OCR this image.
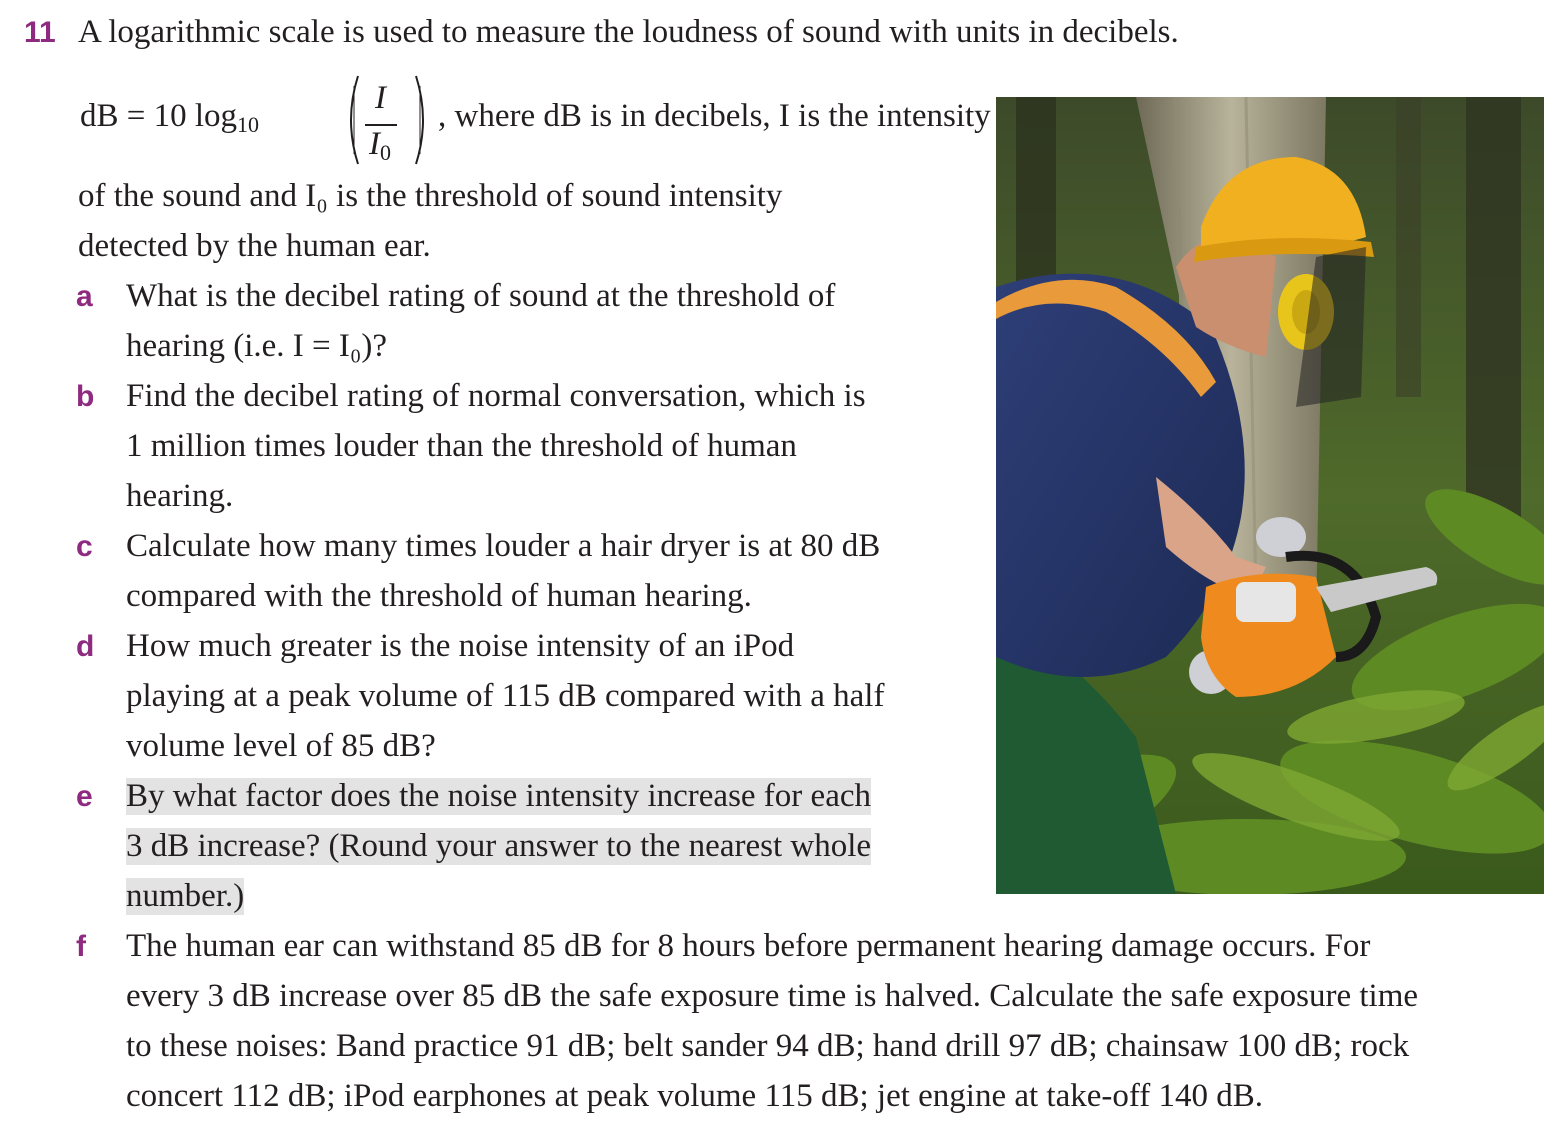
11 A logarithmic scale is used to measure the loudness of sound with units in decibels.
dB = 10 $\log_{10}$
I
$I_0$
, where dB is in decibels, I is the intensity
of the sound and I₀ is the threshold of sound intensity
detected by the human ear.
a What is the decibel rating of sound at the threshold of
hearing (i.e. I = I₀)?
b Find the decibel rating of normal conversation, which is
1 million times louder than the threshold of human
hearing.
c Calculate how many times louder a hair dryer is at 80 dB
compared with the threshold of human hearing.
d How much greater is the noise intensity of an iPod
playing at a peak volume of 115 dB compared with a half
volume level of 85 dB?
e By what factor does the noise intensity increase for each
3 dB increase? (Round your answer to the nearest whole
number.)
f The human ear can withstand 85 dB for 8 hours before permanent hearing damage occurs. For
every 3 dB increase over 85 dB the safe exposure time is halved. Calculate the safe exposure time
to these noises: Band practice 91 dB; belt sander 94 dB; hand drill 97 dB; chainsaw 100 dB; rock
concert 112 dB; iPod earphones at peak volume 115 dB; jet engine at take-off 140 dB.
